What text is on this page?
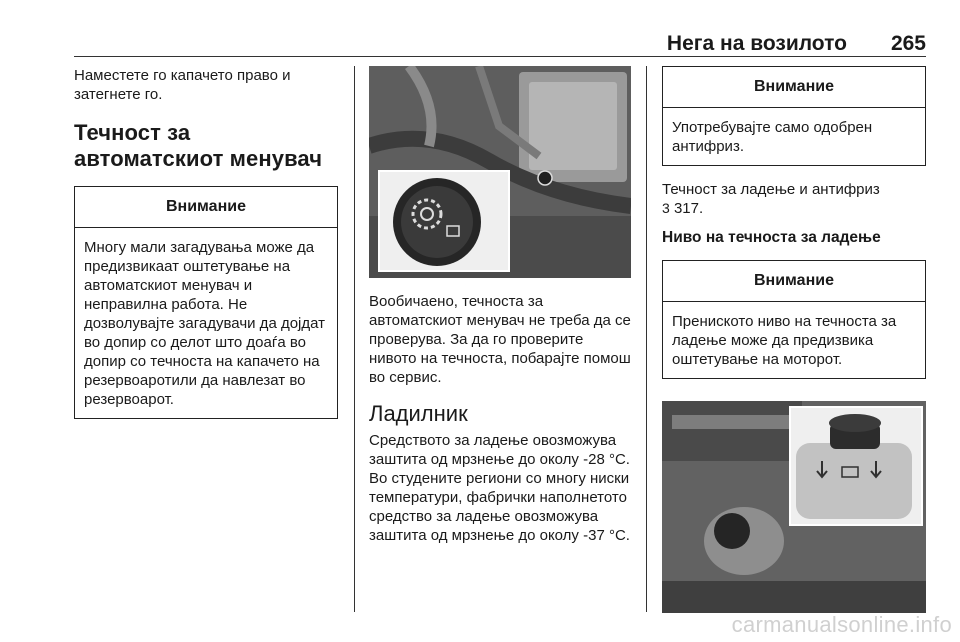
Нега на возилото 265

Наместете го капачето право и затегнете го.

Течност за автоматскиот менувач
Внимание
Многу мали загадувања може да предизвикаат оштетување на автоматскиот менувач и неправилна работа. Не дозволувајте загадувачи да дојдат во допир со делот што доаѓа во допир со течноста на капачето на резервоаротили да навлезат во резервоарот.

Вообичаено, течноста за автоматскиот менувач не треба да се проверува. За да го проверите нивото на течноста, побарајте помош во сервис.

Ладилник

Средството за ладење овозможува заштита од мрзнење до околу -28 °C. Во студените региони со многу ниски температури, фабрички наполнетото средство за ладење овозможува заштита од мрзнење до околу -37 °C.

Внимание
Употребувајте само одобрен антифриз.

Течност за ладење и антифриз
3 317.

Ниво на течноста за ладење
Внимание
Прениското ниво на течноста за ладење може да предизвика оштетување на моторот.
carmanualsonline.info
